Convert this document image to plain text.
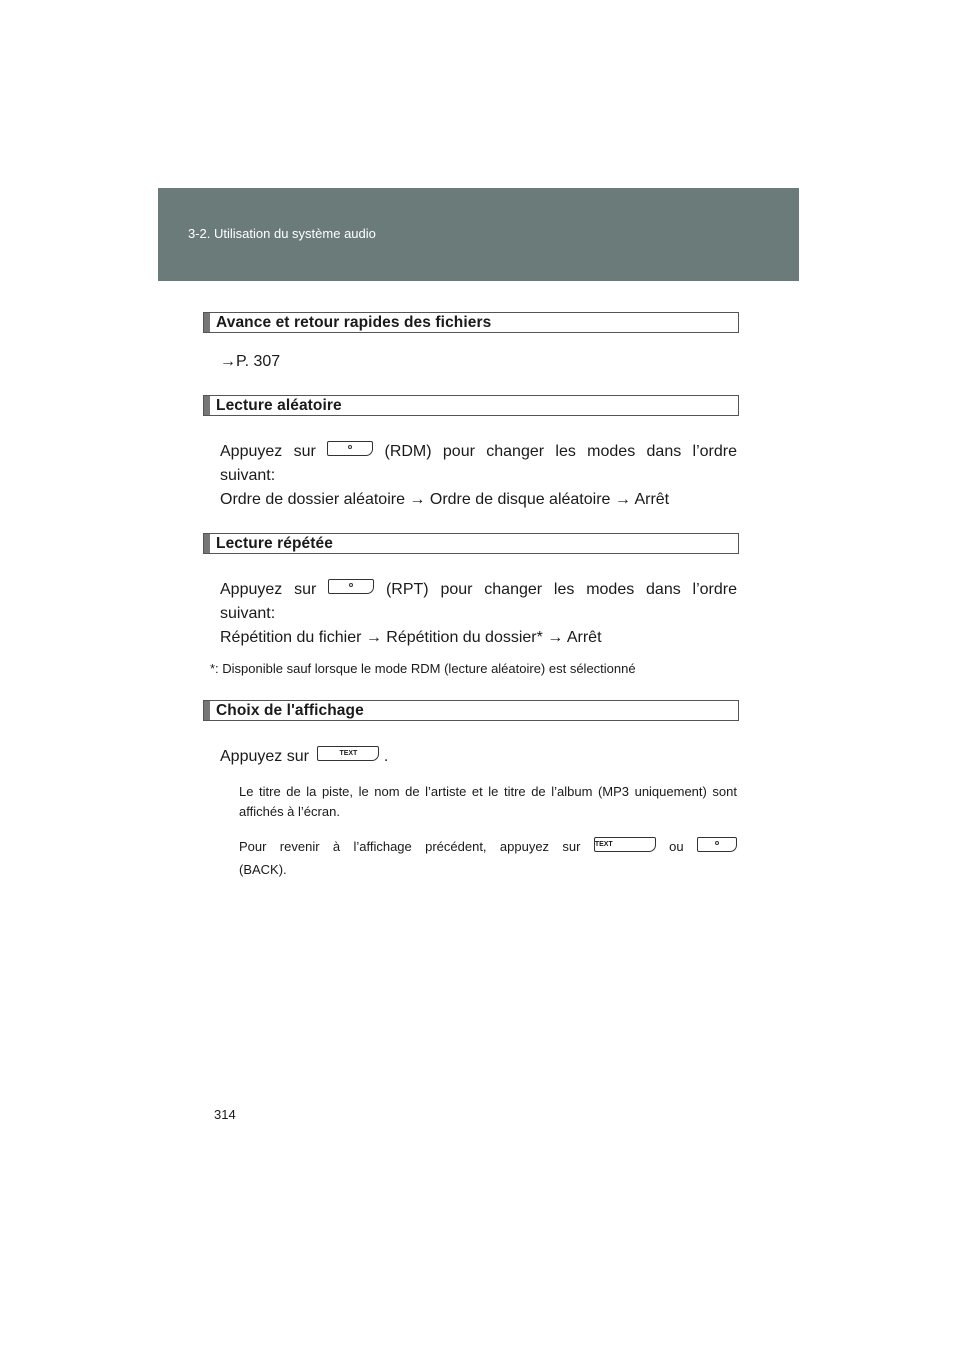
3-2. Utilisation du système audio
Avance et retour rapides des fichiers
→P. 307
Lecture aléatoire
Appuyez sur	(RDM) pour changer les modes dans l’ordre
suivant:
Ordre de dossier aléatoire → Ordre de disque aléatoire → Arrêt
Lecture répétée
Appuyez sur	(RPT) pour changer les modes dans l’ordre
suivant:
Répétition du fichier → Répétition du dossier* → Arrêt
*: Disponible sauf lorsque le mode RDM (lecture aléatoire) est sélectionné
Choix de l'affichage
Appuyez sur	TEXT	.
Le titre de la piste, le nom de l’artiste et le titre de l’album (MP3 uniquement) sont affichés à l’écran.
Pour revenir à l’affichage précédent, appuyez sur TEXT	ou
(BACK).
314
